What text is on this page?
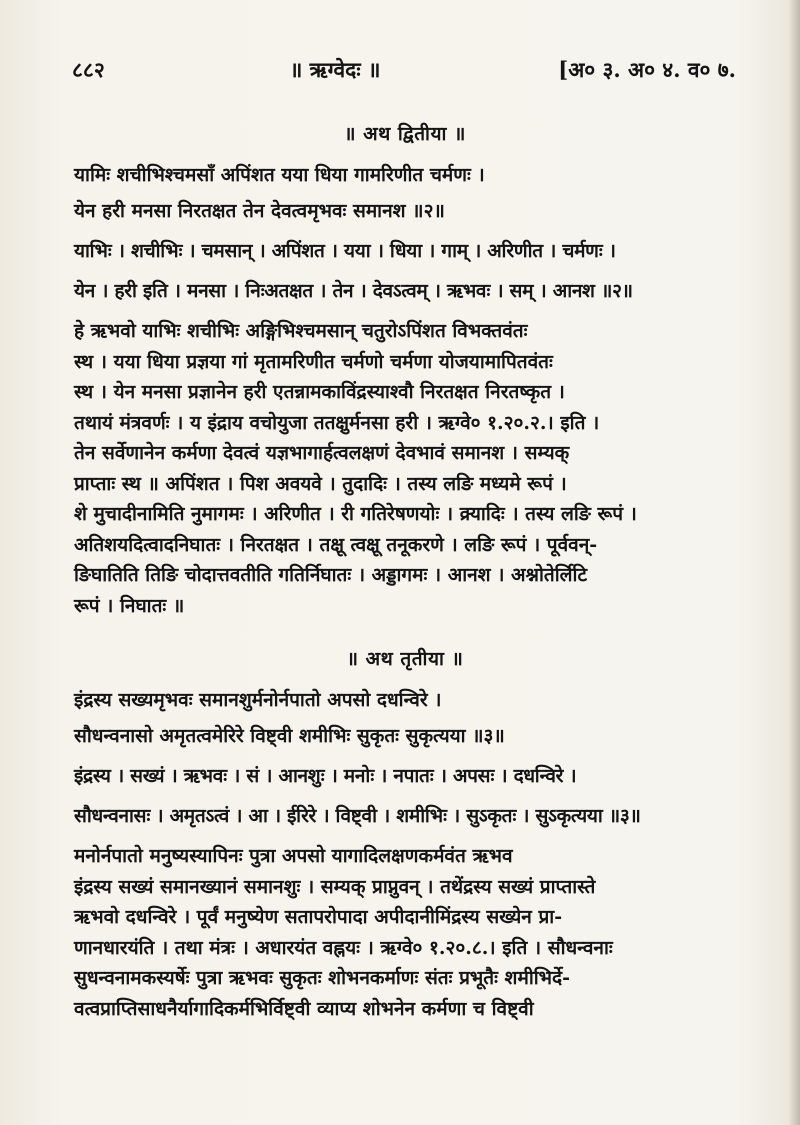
८८२	॥ ऋग्वेदः ॥	[अ० ३. अ० ४. व० ७.
॥ अथ द्वितीया ॥

यामिः शचीभिश्चमसाँ अपिंशत यया धिया गामरिणीत चर्मणः ।

येन हरी मनसा निरतक्षत तेन देवत्वमृभवः समानश ॥२॥

याभिः । शचीभिः । चमसान् । अपिंशत । यया । धिया । गाम् । अरिणीत । चर्मणः ।

येन । हरी इति । मनसा । निःअतक्षत । तेन । देवऽत्वम् । ऋभवः । सम् । आनश ॥२॥

हे ऋभवो याभिः शचीभिः अङ्गिभिश्चमसान् चतुरोऽपिंशत विभक्तवंतः

स्थ । यया धिया प्रज्ञया गां मृतामरिणीत चर्मणो चर्मणा योजयामापितवंतः

स्थ । येन मनसा प्रज्ञानेन हरी एतन्नामकाविंद्रस्याश्वौ निरतक्षत निरतष्कृत ।

तथायं मंत्रवर्णः । य इंद्राय वचोयुजा ततक्षुर्मनसा हरी । ऋग्वे० १.२०.२.। इति ।

तेन सर्वेणानेन कर्मणा देवत्वं यज्ञभागार्हत्वलक्षणं देवभावं समानश । सम्यक्

प्राप्ताः स्थ ॥ अपिंशत । पिश अवयवे । तुदादिः । तस्य लङि मध्यमे रूपं ।

शे मुचादीनामिति नुमागमः । अरिणीत । री गतिरेषणयोः । क्र्यादिः । तस्य लङि रूपं ।

अतिशयदित्वादनिघातः । निरतक्षत । तक्षू त्वक्षू तनूकरणे । लङि रूपं । पूर्ववन्-

ङिघातिति तिङि चोदात्तवतीति गतिर्निघातः । अड्डागमः । आनश । अश्नोतेर्लिटि

रूपं । निघातः ॥

॥ अथ तृतीया ॥

इंद्रस्य सख्यमृभवः समानशुर्मनोर्नपातो अपसो दधन्विरे ।

सौधन्वनासो अमृतत्वमेरिरे विष्ट्वी शमीभिः सुकृतः सुकृत्यया ॥३॥

इंद्रस्य । सख्यं । ऋभवः । सं । आनशुः । मनोः । नपातः । अपसः । दधन्विरे ।

सौधन्वनासः । अमृतऽत्वं । आ । ईरिरे । विष्ट्वी । शमीभिः । सुऽकृतः । सुऽकृत्यया ॥३॥

मनोर्नपातो मनुष्यस्यापिनः पुत्रा अपसो यागादिलक्षणकर्मवंत ऋभव

इंद्रस्य सख्यं समानख्यानं समानशुः । सम्यक् प्राप्नुवन् । तथेंद्रस्य सख्यं प्राप्तास्ते

ऋभवो दधन्विरे । पूर्वं मनुष्येण सतापरोपादा अपीदानीमिंद्रस्य सख्येन प्रा-

णानधारयंति । तथा मंत्रः । अधारयंत वह्नयः । ऋग्वे० १.२०.८.। इति । सौधन्वनाः

सुधन्वनामकस्यर्षेः पुत्रा ऋभवः सुकृतः शोभनकर्माणः संतः प्रभूतैः शमीभिर्दे-

वत्वप्राप्तिसाधनैर्यागादिकर्मभिर्विष्ट्वी व्याप्य शोभनेन कर्मणा च विष्ट्वी
